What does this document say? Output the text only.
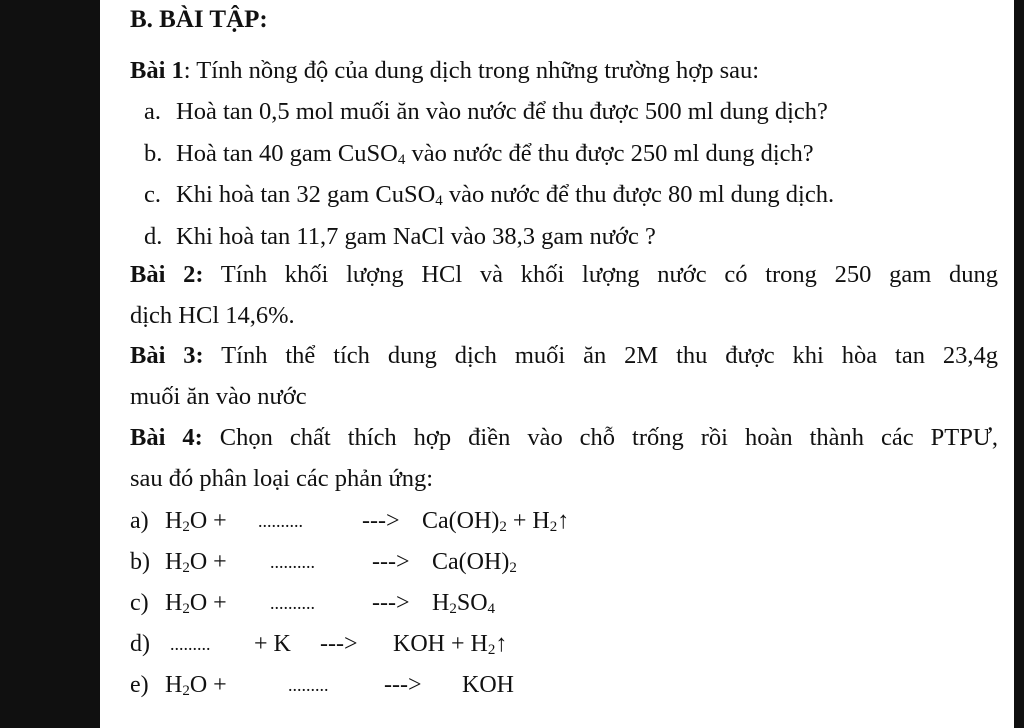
B. BÀI TẬP:
Bài 1: Tính nồng độ của dung dịch trong những trường hợp sau:
a. Hoà tan 0,5 mol muối ăn vào nước để thu được 500 ml dung dịch?
b. Hoà tan 40 gam CuSO$_4$ vào nước để thu được 250 ml dung dịch?
c. Khi hoà tan 32 gam CuSO$_4$ vào nước để thu được 80 ml dung dịch.
d. Khi hoà tan 11,7 gam NaCl vào 38,3 gam nước ?
Bài 2: Tính khối lượng HCl và khối lượng nước có trong 250 gam dung
dịch HCl 14,6%.
Bài 3: Tính thể tích dung dịch muối ăn 2M thu được khi hòa tan 23,4g
muối ăn vào nước
Bài 4: Chọn chất thích hợp điền vào chỗ trống rồi hoàn thành các PTPƯ,
sau đó phân loại các phản ứng:
a) $H_2O$ + .......... ---> $Ca(OH)_2$ + $H_2↑$
b) $H_2O$ + .......... ---> $Ca(OH)_2$
c) $H_2O$ + .......... ---> $H_2SO_4$
d) ......... + K ---> KOH + $H_2↑$
e) $H_2O$ +	......... ---> KOH
